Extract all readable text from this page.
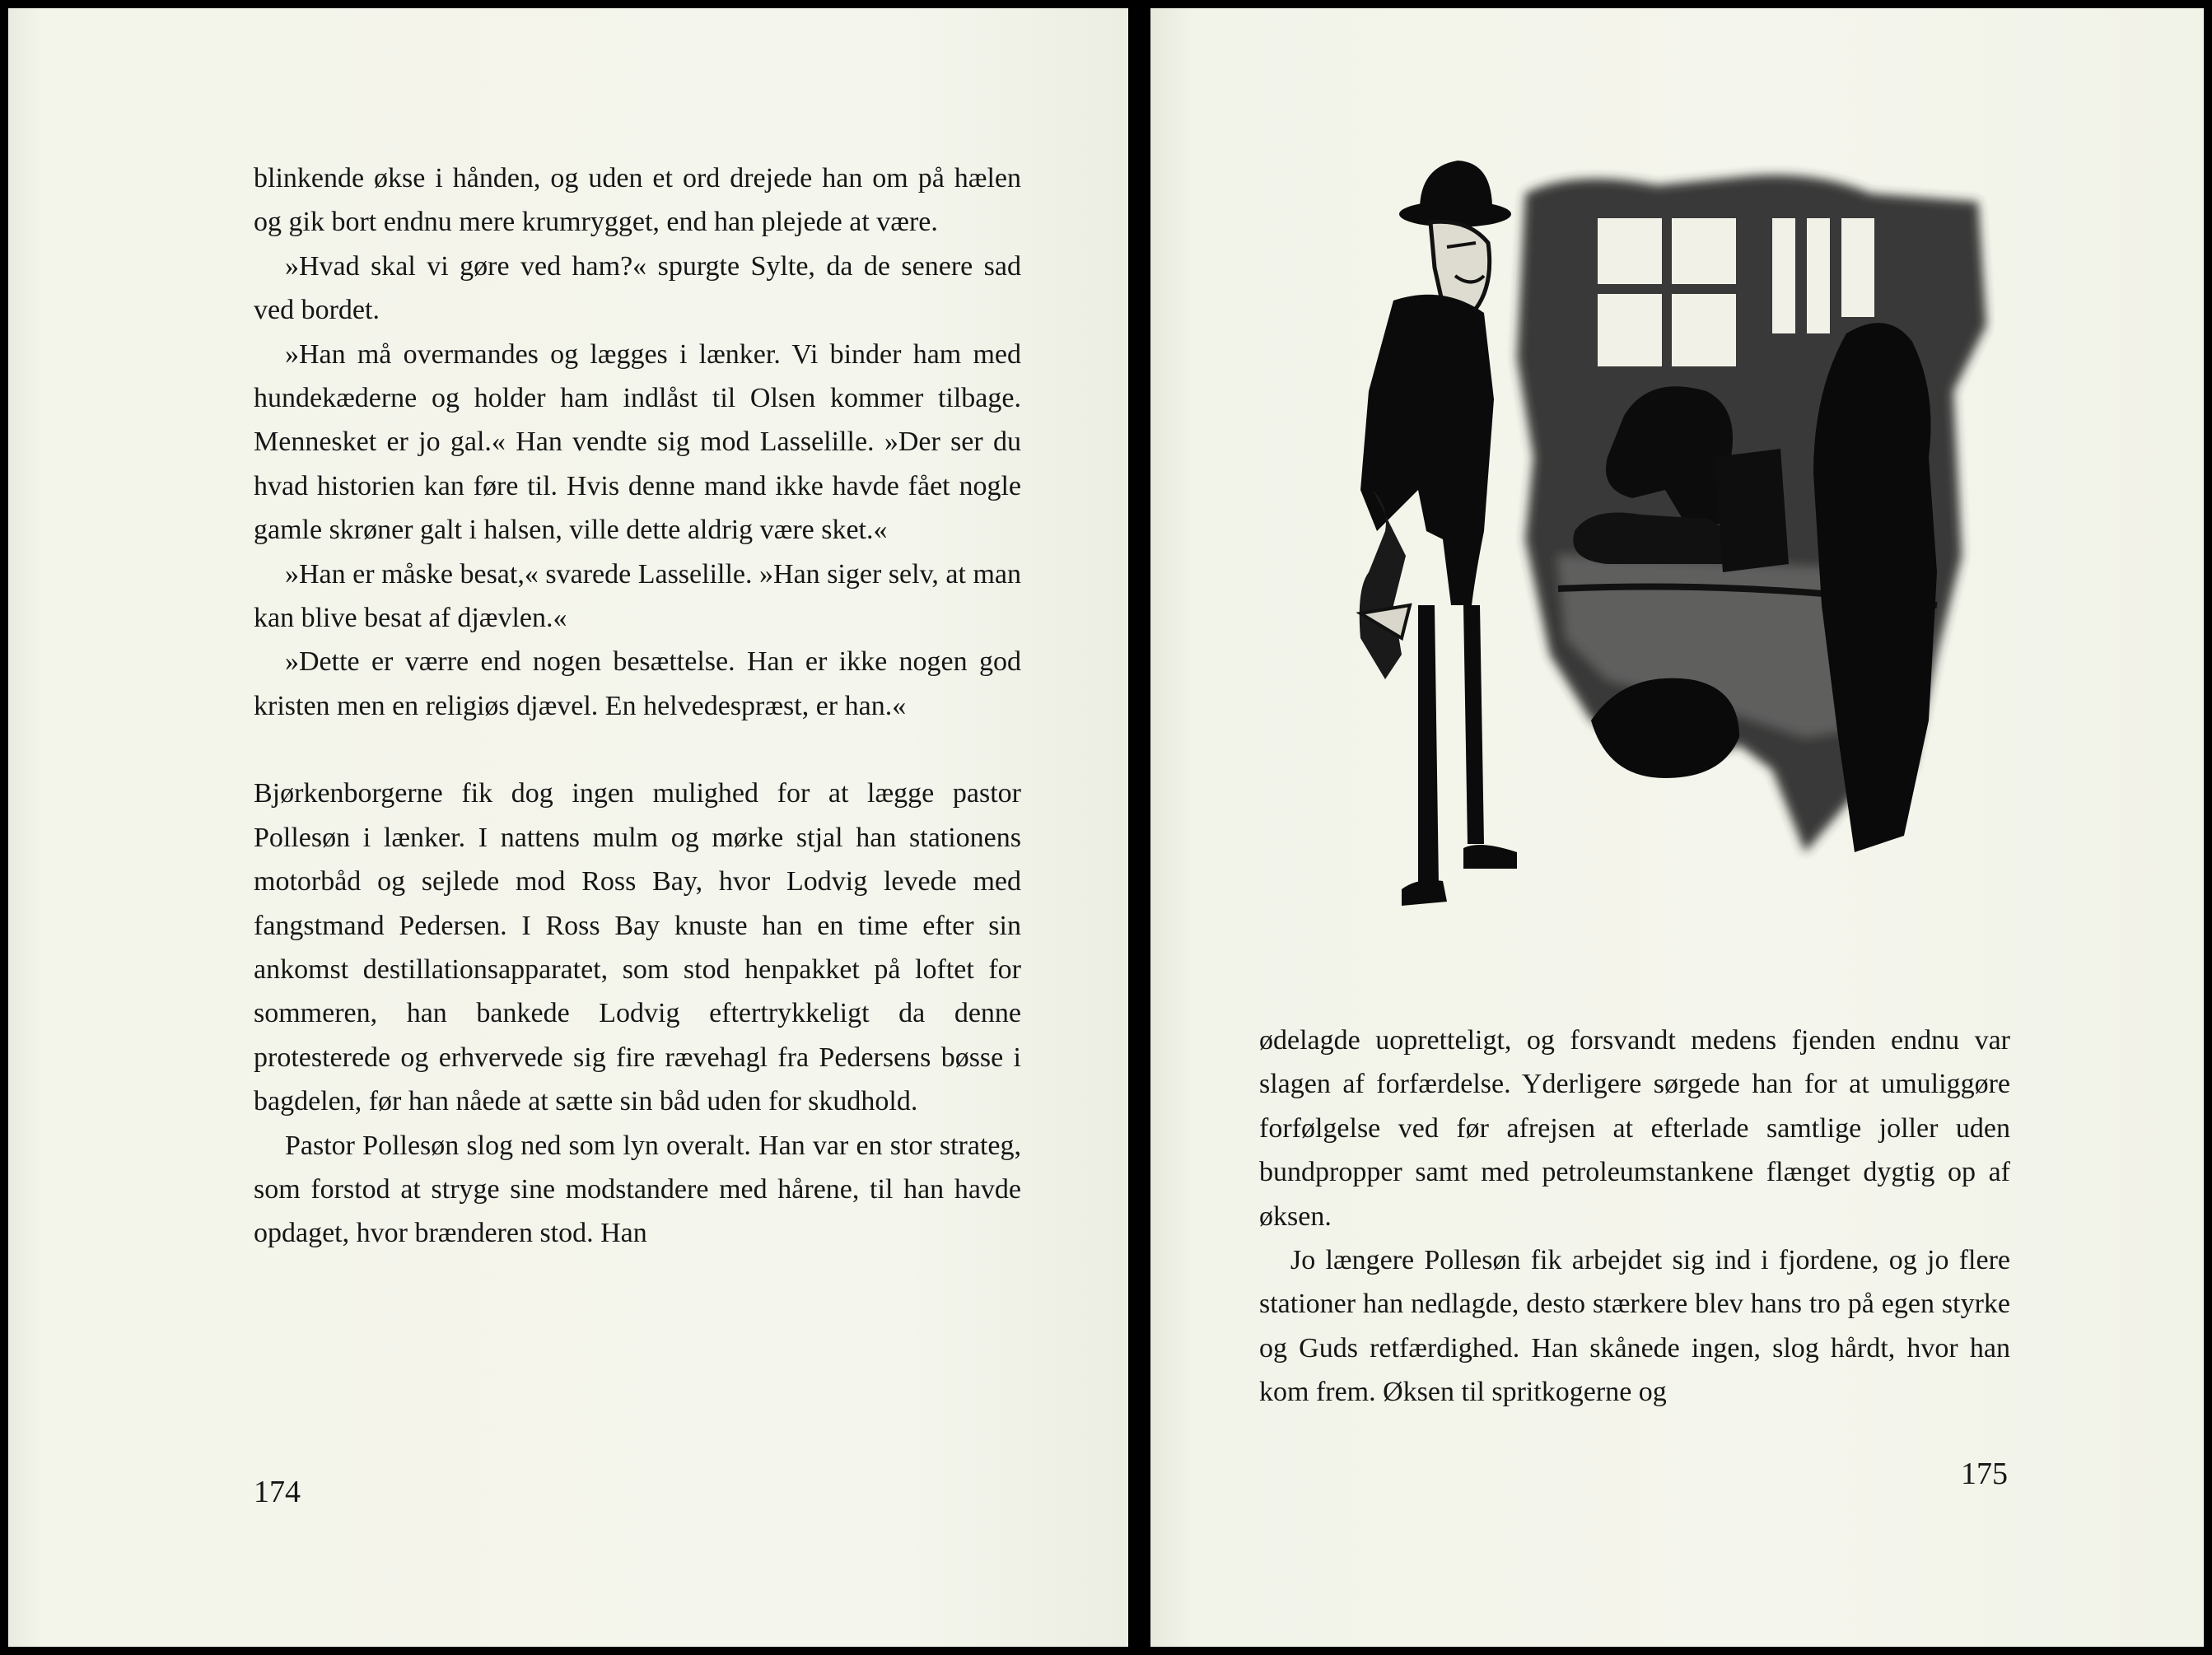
blinkende økse i hånden, og uden et ord drejede han om på hælen og gik bort endnu mere krumrygget, end han plejede at være.

»Hvad skal vi gøre ved ham?« spurgte Sylte, da de senere sad ved bordet.

»Han må overmandes og lægges i lænker. Vi binder ham med hundekæderne og holder ham indlåst til Olsen kommer tilbage. Mennesket er jo gal.« Han vendte sig mod Lasselille. »Der ser du hvad historien kan føre til. Hvis denne mand ikke havde fået nogle gamle skrøner galt i halsen, ville dette aldrig være sket.«

»Han er måske besat,« svarede Lasselille. »Han siger selv, at man kan blive besat af djævlen.«

»Dette er værre end nogen besættelse. Han er ikke nogen god kristen men en religiøs djævel. En helvedespræst, er han.«

Bjørkenborgerne fik dog ingen mulighed for at lægge pastor Pollesøn i lænker. I nattens mulm og mørke stjal han stationens motorbåd og sejlede mod Ross Bay, hvor Lodvig levede med fangstmand Pedersen. I Ross Bay knuste han en time efter sin ankomst destillationsapparatet, som stod henpakket på loftet for sommeren, han bankede Lodvig eftertrykkeligt da denne protesterede og erhvervede sig fire rævehagl fra Pedersens bøsse i bagdelen, før han nåede at sætte sin båd uden for skudhold.

Pastor Pollesøn slog ned som lyn overalt. Han var en stor strateg, som forstod at stryge sine modstandere med hårene, til han havde opdaget, hvor brænderen stod. Han

174

ødelagde uopretteligt, og forsvandt medens fjenden endnu var slagen af forfærdelse. Yderligere sørgede han for at umuliggøre forfølgelse ved før afrejsen at efterlade samtlige joller uden bundpropper samt med petroleumstankene flænget dygtig op af øksen.

Jo længere Pollesøn fik arbejdet sig ind i fjordene, og jo flere stationer han nedlagde, desto stærkere blev hans tro på egen styrke og Guds retfærdighed. Han skånede ingen, slog hårdt, hvor han kom frem. Øksen til spritkogerne og

175
